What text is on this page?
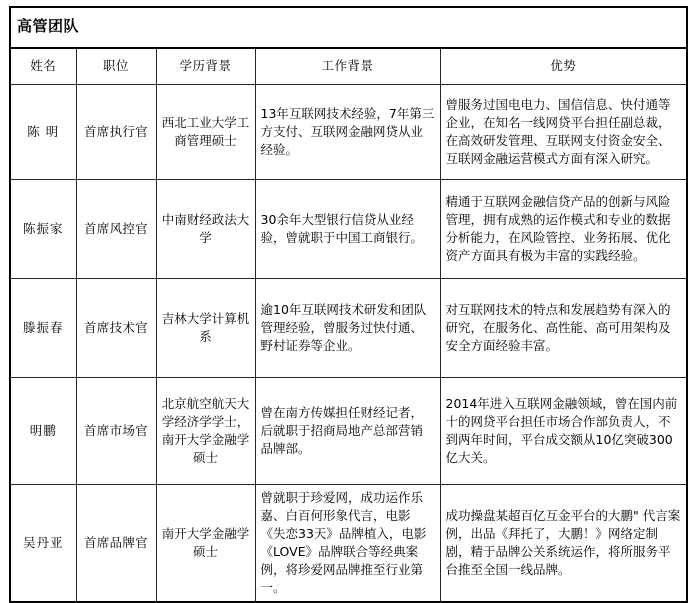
高管团队				
姓名	职位	学历背景	工作背景	优势
陈 明	首席执行官	西北工业大学工商管理硕士	13年互联网技术经验，7年第三方支付、互联网金融网贷从业经验。	曾服务过国电电力、国信信息、快付通等企业，在知名一线网贷平台担任副总裁，在高效研发管理、互联网支付资金安全、互联网金融运营模式方面有深入研究。
陈振家	首席风控官	中南财经政法大学	30余年大型银行信贷从业经验，曾就职于中国工商银行。	精通于互联网金融信贷产品的创新与风险管理，拥有成熟的运作模式和专业的数据分析能力，在风险管控、业务拓展、优化资产方面具有极为丰富的实践经验。
滕振春	首席技术官	吉林大学计算机系	逾10年互联网技术研发和团队管理经验，曾服务过快付通、野村证券等企业。	对互联网技术的特点和发展趋势有深入的研究，在服务化、高性能、高可用架构及安全方面经验丰富。
明鹏	首席市场官	北京航空航天大学经济学学士，南开大学金融学硕士	曾在南方传媒担任财经记者，后就职于招商局地产总部营销品牌部。	2014年进入互联网金融领域，曾在国内前十的网贷平台担任市场合作部负责人，不到两年时间，平台成交额从10亿突破300亿大关。
吴丹亚	首席品牌官	南开大学金融学硕士	曾就职于珍爱网，成功运作乐嘉、白百何形象代言，电影《失恋33天》品牌植入，电影《LOVE》品牌联合等经典案例，将珍爱网品牌推至行业第一。	成功操盘某超百亿互金平台的大鹏" 代言案例，出品《拜托了，大鹏！》网络定制剧，精于品牌公关系统运作，将所服务平台推至全国一线品牌。
